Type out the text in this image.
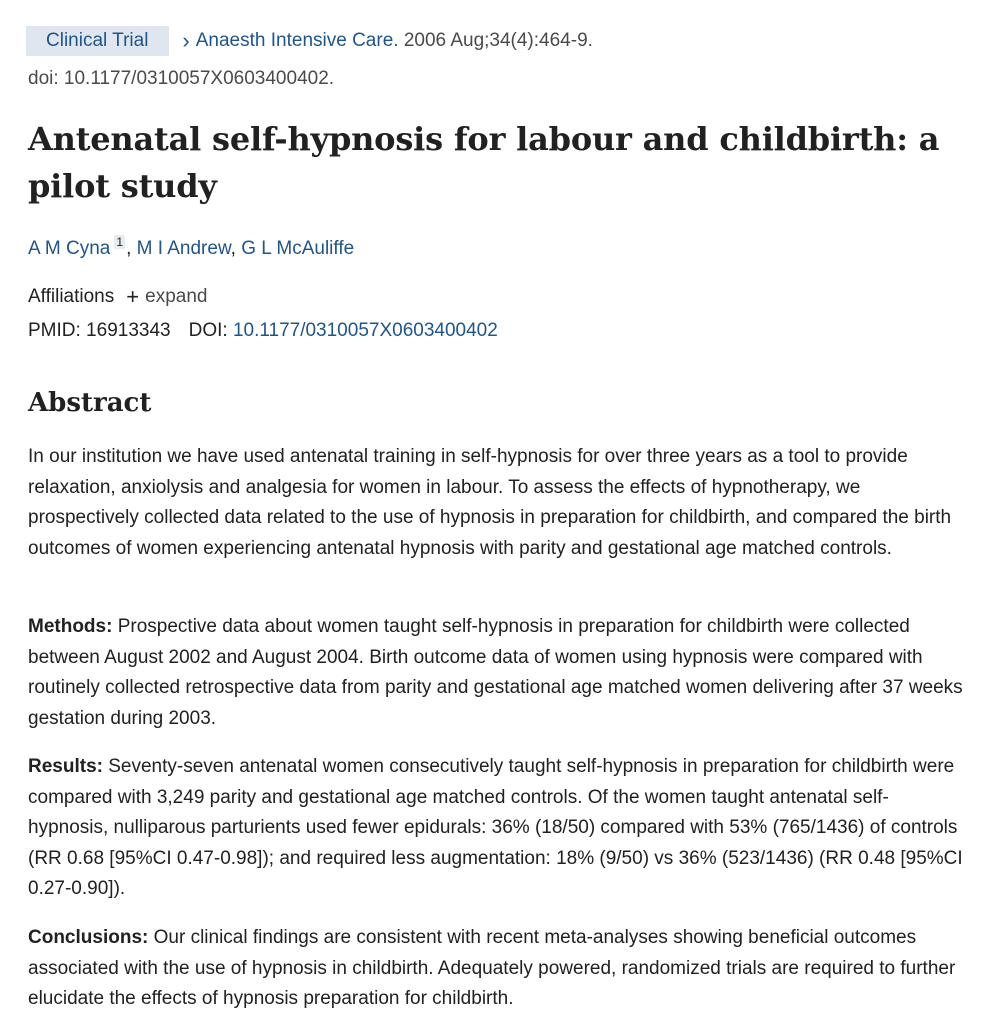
Clinical Trial	› Anaesth Intensive Care. 2006 Aug;34(4):464-9.
doi: 10.1177/0310057X0603400402.
Antenatal self-hypnosis for labour and childbirth: a pilot study
A M Cyna 1 , M I Andrew, G L McAuliffe
Affiliations + expand
PMID: 16913343 DOI: 10.1177/0310057X0603400402
Abstract

In our institution we have used antenatal training in self-hypnosis for over three years as a tool to provide relaxation, anxiolysis and analgesia for women in labour. To assess the effects of hypnotherapy, we prospectively collected data related to the use of hypnosis in preparation for childbirth, and compared the birth outcomes of women experiencing antenatal hypnosis with parity and gestational age matched controls.

Methods: Prospective data about women taught self-hypnosis in preparation for childbirth were collected between August 2002 and August 2004. Birth outcome data of women using hypnosis were compared with routinely collected retrospective data from parity and gestational age matched women delivering after 37 weeks gestation during 2003.

Results: Seventy-seven antenatal women consecutively taught self-hypnosis in preparation for childbirth were compared with 3,249 parity and gestational age matched controls. Of the women taught antenatal self-hypnosis, nulliparous parturients used fewer epidurals: 36% (18/50) compared with 53% (765/1436) of controls (RR 0.68 [95%CI 0.47-0.98]); and required less augmentation: 18% (9/50) vs 36% (523/1436) (RR 0.48 [95%CI 0.27-0.90]).

Conclusions: Our clinical findings are consistent with recent meta-analyses showing beneficial outcomes associated with the use of hypnosis in childbirth. Adequately powered, randomized trials are required to further elucidate the effects of hypnosis preparation for childbirth.
